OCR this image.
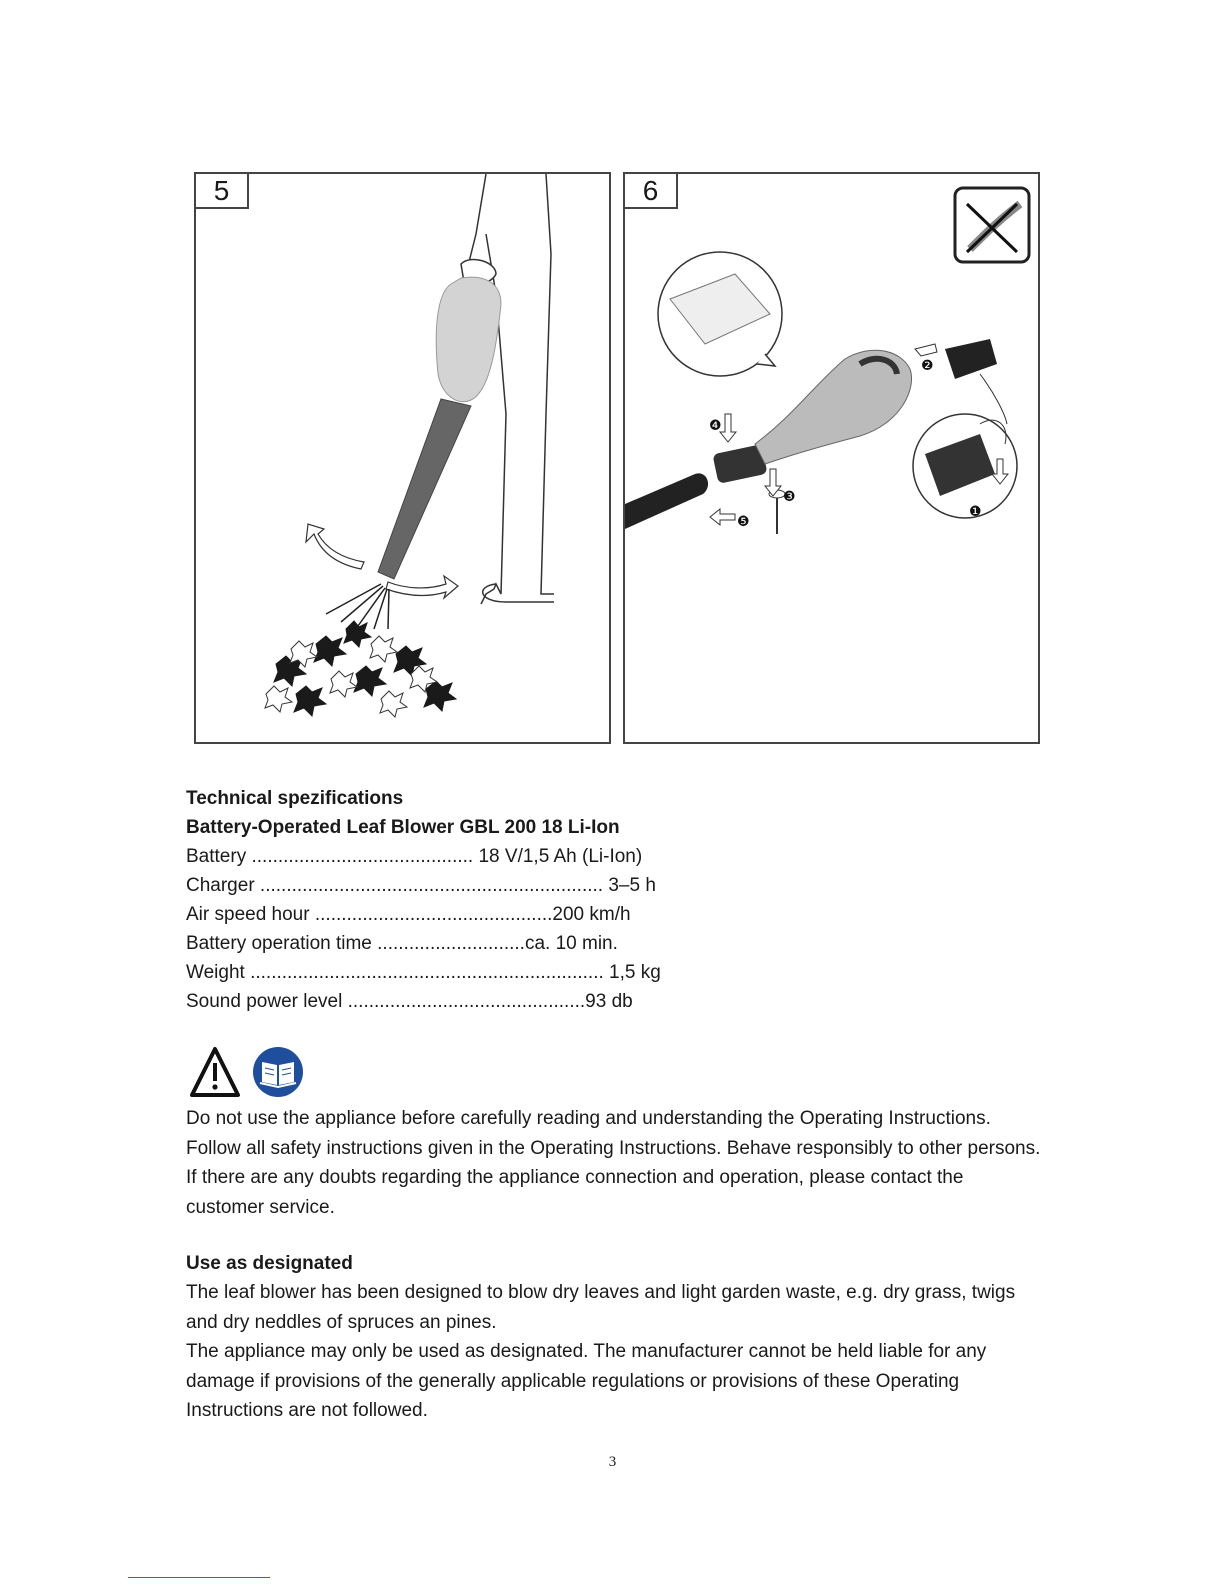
5
❶
❷
❸
❹
❺
6
Technical spezifications
Battery-Operated Leaf Blower GBL 200 18 Li-Ion
Battery .......................................... 18 V/1,5 Ah (Li-Ion)
Charger ................................................................. 3–5 h
Air speed hour .............................................200 km/h
Battery operation time ............................ca. 10 min.
Weight ................................................................... 1,5 kg
Sound power level .............................................93 db
Do not use the appliance before carefully reading and understanding the Operating Instructions. Follow all safety instructions given in the Operating Instructions. Behave responsibly to other persons. If there are any doubts regarding the appliance connection and operation, please contact the customer service.
Use as designated
The leaf blower has been designed to blow dry leaves and light garden waste, e.g. dry grass, twigs and dry neddles of spruces an pines.
The appliance may only be used as designated. The manufacturer cannot be held liable for any damage if provisions of the generally applicable regulations or provisions of these Operating Instructions are not followed.
3
